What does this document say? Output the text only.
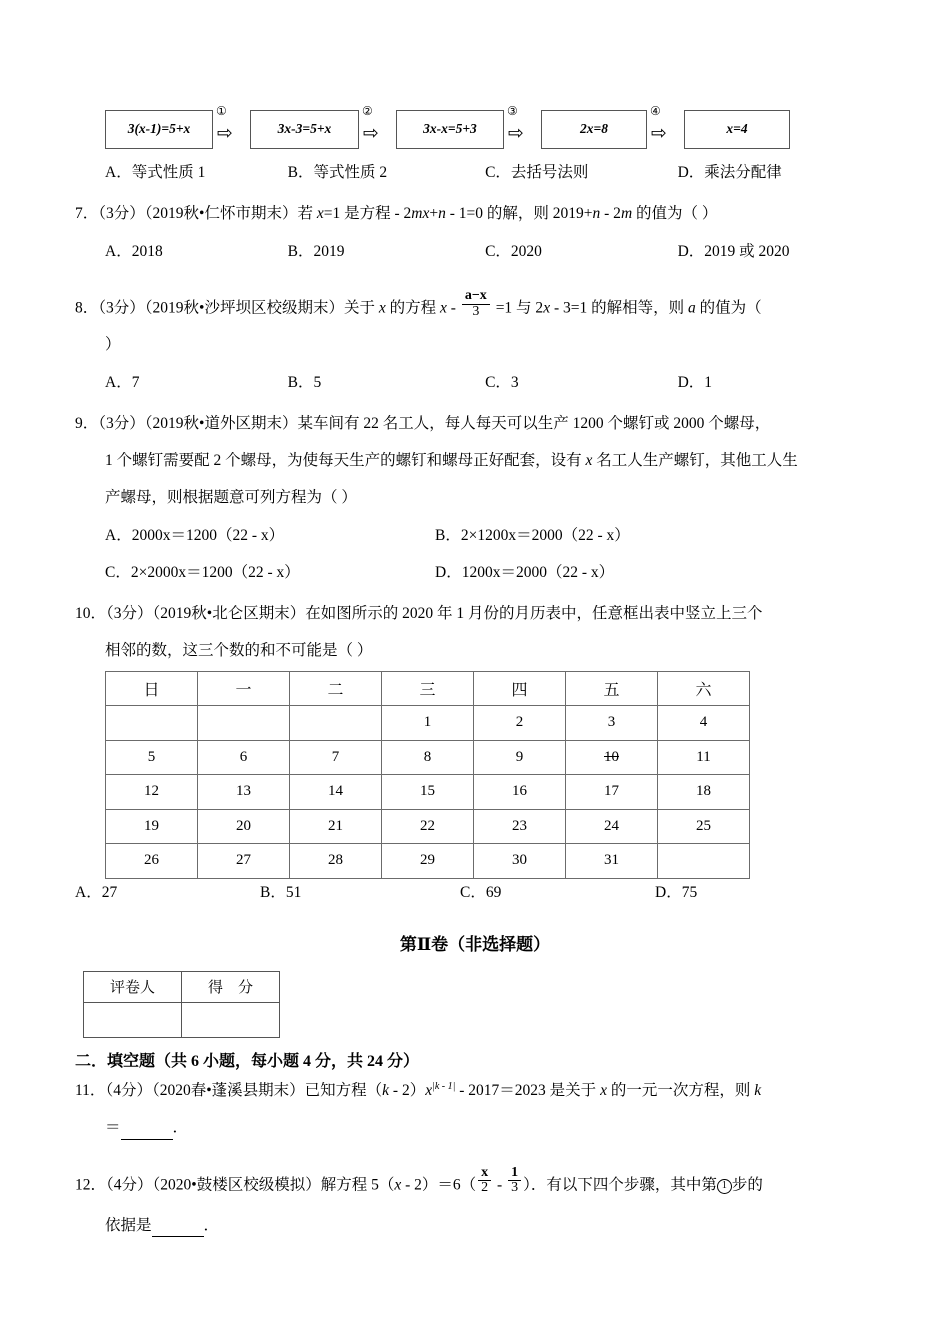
3(x-1)=5+x
①
⇨	3x-3=5+x
②
⇨	3x-x=5+3
③
⇨	2x=8
④
⇨	x=4
A．等式性质 1	B．等式性质 2	C．去括号法则	D．乘法分配律
7．（3分）（2019秋•仁怀市期末）若 x=1 是方程 - 2mx+n - 1=0 的解，则 2019+n - 2m 的值为（ ）
A．2018	B．2019	C．2020	D．2019 或 2020
8．（3分）（2019秋•沙坪坝区校级期末）关于 x 的方程 $x - \frac{a-x}{3} =1$ 与 2x - 3=1 的解相等，则 a 的值为（
）
A．7	B．5	C．3	D．1
9．（3分）（2019秋•道外区期末）某车间有 22 名工人，每人每天可以生产 1200 个螺钉或 2000 个螺母，
1 个螺钉需要配 2 个螺母，为使每天生产的螺钉和螺母正好配套，设有 x 名工人生产螺钉，其他工人生
产螺母，则根据题意可列方程为（ ）
A．2000x＝1200（22 - x）	B．2×1200x＝2000（22 - x）
C．2×2000x＝1200（22 - x）	D．1200x＝2000（22 - x）
10．（3分）（2019秋•北仑区期末）在如图所示的 2020 年 1 月份的月历表中，任意框出表中竖立上三个
相邻的数，这三个数的和不可能是（ ）
日	一	二	三	四	五	六
			1	2	3	4
5	6	7	8	9	10	11
12	13	14	15	16	17	18
19	20	21	22	23	24	25
26	27	28	29	30	31	
A．27	B．51	C．69	D．75
第Ⅱ卷（非选择题）
评卷人	得　分

二．填空题（共 6 小题，每小题 4 分，共 24 分）
11．（4分）（2020春•蓬溪县期末）已知方程$(k - 2)x^{|k - 1|} - 2017=2023$ 是关于 x 的一元一次方程，则 k
＝	．
12．（4分）（2020•鼓楼区校级模拟）解方程 $5(x - 2)=6( \frac{x}{2} - \frac{1}{3}$ ）．有以下四个步骤，其中第 1 步的
依据是	．
